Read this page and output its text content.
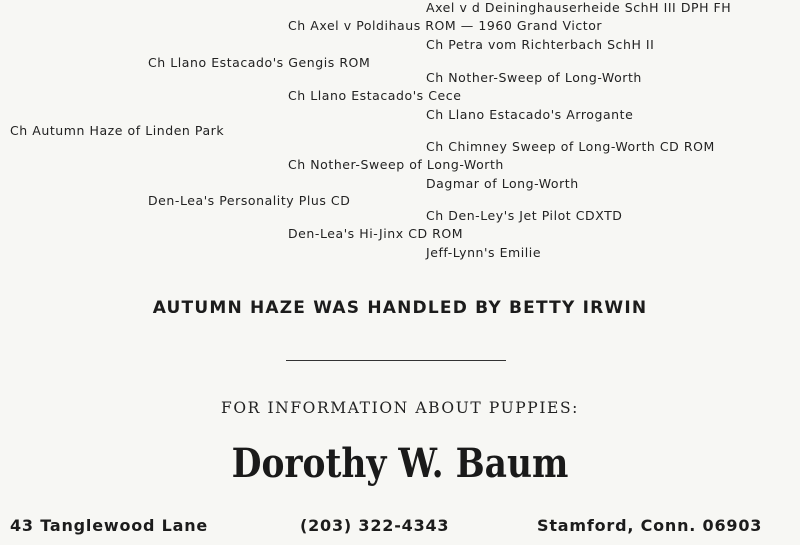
Axel v d Deininghauserheide SchH III DPH FH
Ch Axel v Poldihaus ROM — 1960 Grand Victor
Ch Petra vom Richterbach SchH II
Ch Llano Estacado's Gengis ROM
Ch Nother-Sweep of Long-Worth
Ch Llano Estacado's Cece
Ch Llano Estacado's Arrogante
Ch Autumn Haze of Linden Park
Ch Chimney Sweep of Long-Worth CD ROM
Ch Nother-Sweep of Long-Worth
Dagmar of Long-Worth
Den-Lea's Personality Plus CD
Ch Den-Ley's Jet Pilot CDXTD
Den-Lea's Hi-Jinx CD ROM
Jeff-Lynn's Emilie
AUTUMN HAZE WAS HANDLED BY BETTY IRWIN
FOR INFORMATION ABOUT PUPPIES:
Dorothy W. Baum
43 Tanglewood Lane	(203) 322-4343	Stamford, Conn. 06903
